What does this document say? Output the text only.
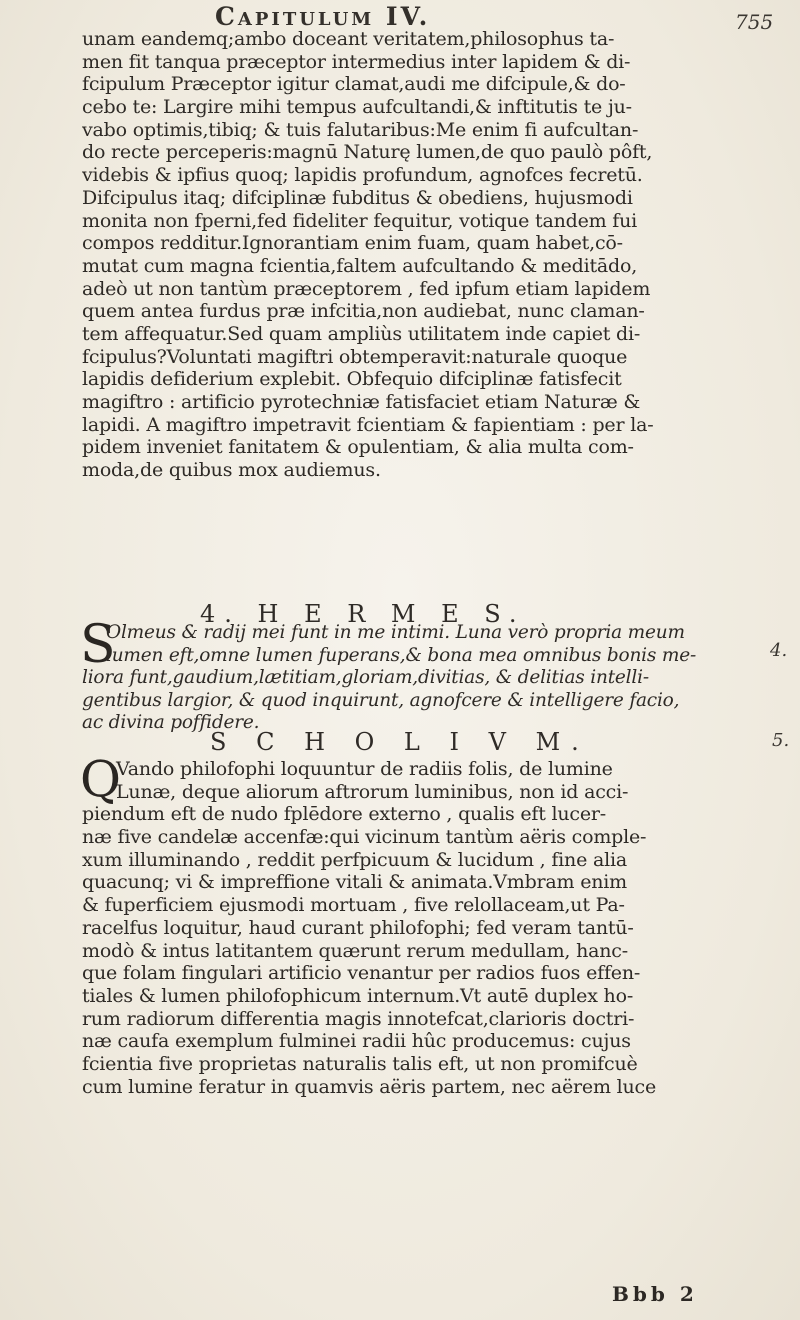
Capitulum IV.	755
unam eandemq;ambo doceant veritatem,philosophus ta-
men fit tanqua præceptor intermedius inter lapidem & di-
fcipulum Præceptor igitur clamat,audi me difcipule,& do-
cebo te: Largire mihi tempus aufcultandi,& inftitutis te ju-
vabo optimis,tibiq; & tuis falutaribus:Me enim fi aufcultan-
do recte perceperis:magnū Naturę lumen,de quo paulò pôft,
videbis & ipfius quoq; lapidis profundum, agnofces fecretū.
Difcipulus itaq; difciplinæ fubditus & obediens, hujusmodi
monita non fperni,fed fideliter fequitur, votique tandem fui
compos redditur.Ignorantiam enim fuam, quam habet,cō-
mutat cum magna fcientia,faltem aufcultando & meditādo,
adeò ut non tantùm præceptorem , fed ipfum etiam lapidem
quem antea furdus præ infcitia,non audiebat, nunc claman-
tem affequatur.Sed quam ampliùs utilitatem inde capiet di-
fcipulus?Voluntati magiftri obtemperavit:naturale quoque
lapidis defiderium explebit. Obfequio difciplinæ fatisfecit
magiftro : artificio pyrotechniæ fatisfaciet etiam Naturæ &
lapidi. A magiftro impetravit fcientiam & fapientiam : per la-
pidem inveniet fanitatem & opulentiam, & alia multa com-
moda,de quibus mox audiemus.
4. H E R M E S.
S
Olmeus & radij mei funt in me intimi. Luna verò propria meum
lumen eft,omne lumen fuperans,& bona mea omnibus bonis me-
liora funt,gaudium,lætitiam,gloriam,divitias, & delitias intelli-
gentibus largior, & quod inquirunt, agnofcere & intelligere facio,
ac divina poffidere.
4.
5.
S C H O L I V M.
Q
Vando philofophi loquuntur de radiis folis, de lumine
Lunæ, deque aliorum aftrorum luminibus, non id acci-
piendum eft de nudo fplēdore externo , qualis eft lucer-
næ five candelæ accenfæ:qui vicinum tantùm aëris comple-
xum illuminando , reddit perfpicuum & lucidum , fine alia
quacunq; vi & impreffione vitali & animata.Vmbram enim
& fuperficiem ejusmodi mortuam , five relollaceam,ut Pa-
racelfus loquitur, haud curant philofophi; fed veram tantū-
modò & intus latitantem quærunt rerum medullam, hanc-
que folam fingulari artificio venantur per radios fuos effen-
tiales & lumen philofophicum internum.Vt autē duplex ho-
rum radiorum differentia magis innotefcat,clarioris doctri-
næ caufa exemplum fulminei radii hûc producemus: cujus
fcientia five proprietas naturalis talis eft, ut non promifcuè
cum lumine feratur in quamvis aëris partem, nec aërem luce
Bbb 2
